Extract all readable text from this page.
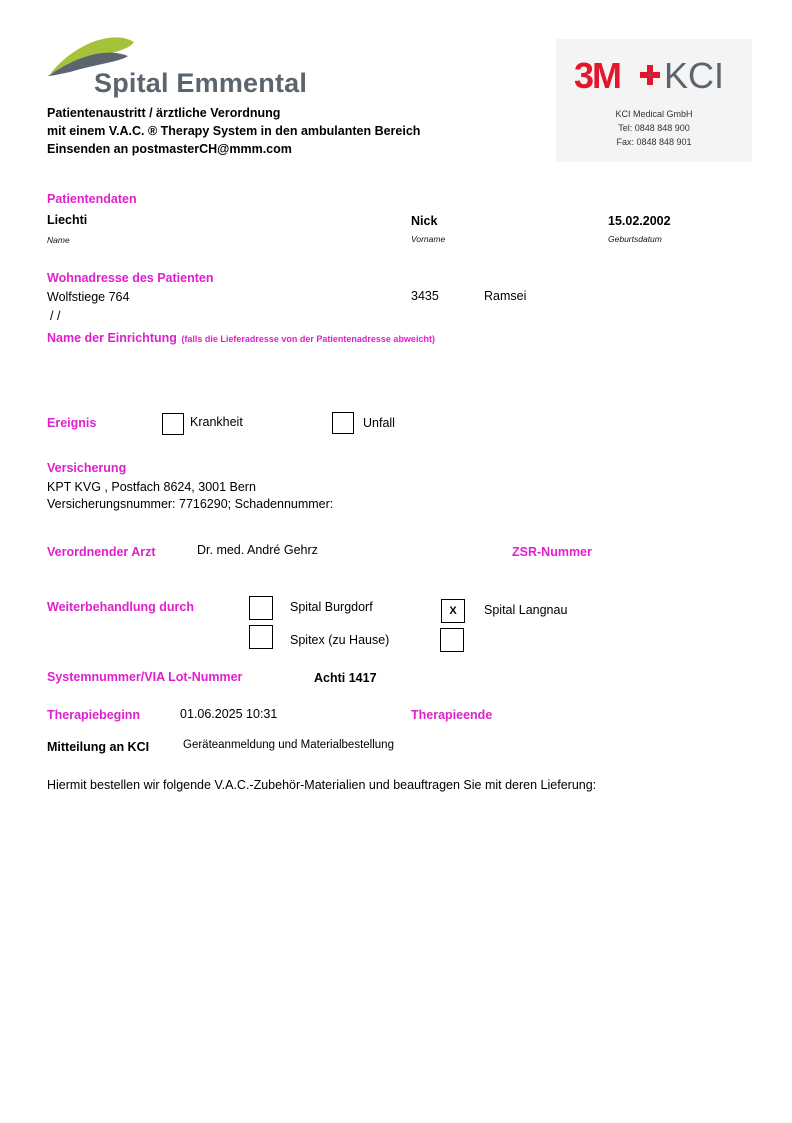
Spital Emmental
Patientenaustritt / ärztliche Verordnung
mit einem V.A.C. ® Therapy System in den ambulanten Bereich
Einsenden an postmasterCH@mmm.com
3M KCI
KCI Medical GmbH
Tel: 0848 848 900
Fax: 0848 848 901
Patientendaten
Liechti
Name
Nick
Vorname
15.02.2002
Geburtsdatum
Wohnadresse des Patienten
Wolfstiege 764	3435	Ramsei
/ /
Name der Einrichtung (falls die Lieferadresse von der Patientenadresse abweicht)
Ereignis	Krankheit	Unfall
Versicherung
KPT KVG , Postfach 8624, 3001 Bern
Versicherungsnummer: 7716290; Schadennummer:
Verordnender Arzt	Dr. med. André Gehrz	ZSR-Nummer
Weiterbehandlung durch	Spital Burgdorf	X	Spital Langnau
Spitex (zu Hause)
Systemnummer/VIA Lot-Nummer	Achti 1417
Therapiebeginn	01.06.2025 10:31	Therapieende
Mitteilung an KCI	Geräteanmeldung und Materialbestellung
Hiermit bestellen wir folgende V.A.C.-Zubehör-Materialien und beauftragen Sie mit deren Lieferung:
